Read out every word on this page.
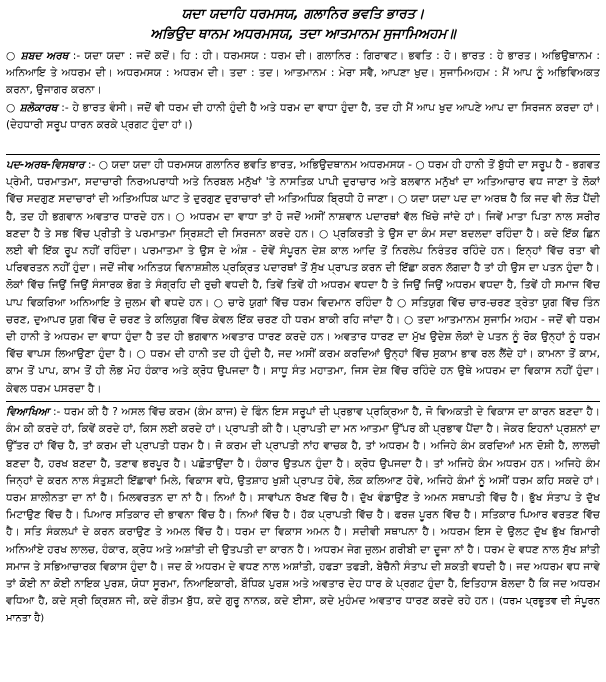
ਯਦਾ ਯਦਾਹਿ ਧਰਮਸਯ, ਗਲਾਨਿਰ ਭਵਤਿ ਭਾਰਤ।

ਅਭਿਉਦ ਥਾਨਮ ਅਧਰਮਸਯ, ਤਦਾ ਆਤਮਾਨਮ ਸੁਜਾਮਿਅਹਮ॥

○ ਸ਼ਬਦ ਅਰਥ :- ਯਦਾ ਯਦਾ : ਜਦੋਂ ਕਦੋਂ। ਹਿ : ਹੀ। ਧਰਮਸਯ : ਧਰਮ ਦੀ। ਗਲਾਨਿਰ : ਗਿਰਾਵਟ। ਭਵਤਿ : ਹੋ। ਭਾਰਤ : ਹੇ ਭਾਰਤ। ਅਭਿਉਥਾਨਮ : ਅਨਿਆਇ ਤੇ ਅਧਰਮ ਦੀ। ਅਧਰਮਸਯ : ਅਧਰਮ ਦੀ। ਤਦਾ : ਤਦ। ਆਤਮਾਨਮ : ਮੇਰਾ ਸਵੈ, ਆਪਣਾ ਖੁਦ। ਸੁਜਾਮਿਅਹਮ : ਮੈਂ ਆਪ ਨੂੰ ਅਭਿਵਿਅਕਤ ਕਰਨਾ, ਉਜਾਗਰ ਕਰਨਾ।
○ ਸ਼ਲੋਕਾਰਥ :- ਹੇ ਭਾਰਤ ਵੰਸੀ। ਜਦੋਂ ਵੀ ਧਰਮ ਦੀ ਹਾਨੀ ਹੁੰਦੀ ਹੈ ਅਤੇ ਧਰਮ ਦਾ ਵਾਧਾ ਹੁੰਦਾ ਹੈ, ਤਦ ਹੀ ਮੈਂ ਆਪ ਖੁਦ ਆਪਣੇ ਆਪ ਦਾ ਸਿਰਜਨ ਕਰਦਾ ਹਾਂ। (ਦੇਹਧਾਰੀ ਸਰੂਪ ਧਾਰਨ ਕਰਕੇ ਪ੍ਰਗਟ ਹੁੰਦਾ ਹਾਂ।)
ਪਦ-ਅਰਥ-ਵਿਸਥਾਰ :- ○ ਯਦਾ ਯਦਾ ਹੀ ਧਰਮਸਯ ਗਲਾਨਿਰ ਭਵਤਿ ਭਾਰਤ, ਅਭਿਉਦਥਾਨਮ ਅਧਰਮਸਯ - ○ ਧਰਮ ਹੀ ਹਾਨੀ ਤੋਂ ਬੁੱਧੀ ਦਾ ਸਰੂਪ ਹੈ - ਭਗਵਤ ਪ੍ਰੇਮੀ, ਧਰਮਾਤਮਾ, ਸਦਾਚਾਰੀ ਨਿਰਅਪਰਾਧੀ ਅਤੇ ਨਿਰਬਲ ਮਨੁੱਖਾਂ 'ਤੇ ਨਾਸਤਿਕ ਪਾਪੀ ਦੁਰਾਚਾਰ ਅਤੇ ਬਲਵਾਨ ਮਨੁੱਖਾਂ ਦਾ ਅਤਿਆਚਾਰ ਵਧ ਜਾਣਾ ਤੇ ਲੋਕਾਂ ਵਿੱਚ ਸਦਗੁਣ ਸਦਾਚਾਰਾਂ ਦੀ ਅਤਿਅਧਿਕ ਘਾਟ ਤੇ ਦੁਰਗੁਣ ਦੁਰਾਚਾਰਾਂ ਦੀ ਅਤਿਅਧਿਕ ਬ੍ਰਿਧੀ ਹੋ ਜਾਣਾ। ○ ਯਦਾ ਯਦਾ ਪਦ ਦਾ ਅਰਥ ਹੈ ਕਿ ਜਦ ਵੀ ਲੋੜ ਪੈਂਦੀ ਹੈ, ਤਦ ਹੀ ਭਗਵਾਨ ਅਵਤਾਰ ਧਾਰਦੇ ਹਨ। ○ ਅਧਰਮ ਦਾ ਵਾਧਾ ਤਾਂ ਹੋ ਜਦੋਂ ਅਸੀਂ ਨਾਸ਼ਵਾਨ ਪਦਾਰਥਾਂ ਵੱਲ ਖਿੱਚੇ ਜਾਂਦੇ ਹਾਂ। ਜਿਵੇਂ ਮਾਤਾ ਪਿਤਾ ਨਾਲ ਸਰੀਰ ਬਣਦਾ ਹੈ ਤੇ ਸਭ ਵਿੱਚ ਪ੍ਰੀਤੀ ਤੇ ਪਰਮਾਤਮਾ ਸ੍ਰਿਸ਼ਟੀ ਦੀ ਸਿਰਜਨਾ ਕਰਦੇ ਹਨ। ○ ਪ੍ਰਕਿਰਤੀ ਤੇ ਉਸ ਦਾ ਕੰਮ ਸਦਾ ਬਦਲਦਾ ਰਹਿੰਦਾ ਹੈ। ਕਦੇ ਇੱਕ ਛਿਨ ਲਈ ਵੀ ਇੱਕ ਰੂਪ ਨਹੀਂ ਰਹਿੰਦਾ। ਪਰਮਾਤਮਾ ਤੇ ਉਸ ਦੇ ਅੰਸ਼ - ਦੋਵੇਂ ਸੰਪੂਰਨ ਦੇਸ਼ ਕਾਲ ਆਦਿ ਤੋਂ ਨਿਰਲੇਪ ਨਿਰੰਤਰ ਰਹਿੰਦੇ ਹਨ। ਇਨ੍ਹਾਂ ਵਿੱਚ ਰਤਾ ਵੀ ਪਰਿਵਰਤਨ ਨਹੀਂ ਹੁੰਦਾ। ਜਦੋਂ ਜੀਵ ਅਨਿਤਯ ਵਿਨਾਸ਼ਸ਼ੀਲ ਪ੍ਰਕ੍ਰਿਤ ਪਦਾਰਥਾਂ ਤੋਂ ਸੁੱਖ ਪ੍ਰਾਪਤ ਕਰਨ ਦੀ ਇੱਛਾ ਕਰਨ ਲੱਗਦਾ ਹੈ ਤਾਂ ਹੀ ਉਸ ਦਾ ਪਤਨ ਹੁੰਦਾ ਹੈ। ਲੋਕਾਂ ਵਿੱਚ ਜਿਉਂ ਜਿਉਂ ਸੰਸਾਰਕ ਭੋਗ ਤੇ ਸੰਗ੍ਰਹਿ ਦੀ ਰੁਚੀ ਵਧਦੀ ਹੈ, ਤਿਵੇਂ ਤਿਵੇਂ ਹੀ ਅਧਰਮ ਵਧਦਾ ਹੈ ਤੇ ਜਿਉਂ ਜਿਉਂ ਅਧਰਮ ਵਧਦਾ ਹੈ, ਤਿਵੇਂ ਹੀ ਸਮਾਜ ਵਿੱਚ ਪਾਪ ਵਿਕਰਿਆ ਅਨਿਆਇ ਤੇ ਜ਼ੁਲਮ ਵੀ ਵਧਦੇ ਹਨ। ○ ਚਾਰੇ ਯੁਗਾਂ ਵਿੱਚ ਧਰਮ ਵਿਦਮਾਨ ਰਹਿੰਦਾ ਹੈ ○ ਸਤਿਯੁਗ ਵਿੱਚ ਚਾਰ-ਚਰਣ ਤ੍ਰੇਤਾ ਯੁਗ ਵਿੱਚ ਤਿੰਨ ਚਰਣ, ਦੁਆਪਰ ਯੁਗ ਵਿੱਚ ਦੋ ਚਰਣ ਤੇ ਕਲਿਯੁਗ ਵਿੱਚ ਕੇਵਲ ਇੱਕ ਚਰਣ ਹੀ ਧਰਮ ਬਾਕੀ ਰਹਿ ਜਾਂਦਾ ਹੈ। ○ ਤਦਾ ਆਤਮਾਨਮ ਸੁਜਾਮਿ ਅਹਮ - ਜਦੋਂ ਵੀ ਧਰਮ ਦੀ ਹਾਨੀ ਤੇ ਅਧਰਮ ਦਾ ਵਾਧਾ ਹੁੰਦਾ ਹੈ ਤਦ ਹੀ ਭਗਵਾਨ ਅਵਤਾਰ ਧਾਰਣ ਕਰਦੇ ਹਨ। ਅਵਤਾਰ ਧਾਰਣ ਦਾ ਮੁੱਖ ਉਦੇਸ਼ ਲੋਕਾਂ ਦੇ ਪਤਨ ਨੂੰ ਰੋਕ ਉਨ੍ਹਾਂ ਨੂੰ ਧਰਮ ਵਿੱਚ ਵਾਪਸ ਲਿਆਉਣਾ ਹੁੰਦਾ ਹੈ। ○ ਧਰਮ ਦੀ ਹਾਨੀ ਤਦ ਹੀ ਹੁੰਦੀ ਹੈ, ਜਦ ਅਸੀਂ ਕਰਮ ਕਰਦਿਆਂ ਉਨ੍ਹਾਂ ਵਿੱਚ ਸੁਕਾਮ ਭਾਵ ਰਲ ਲੈਂਦੇ ਹਾਂ। ਕਾਮਨਾ ਤੋਂ ਕਾਮ, ਕਾਮ ਤੋਂ ਪਾਪ, ਕਾਮ ਤੋਂ ਹੀ ਲੋਭ ਮੋਹ ਹੰਕਾਰ ਅਤੇ ਕ੍ਰੋਧ ਉਪਜਦਾ ਹੈ। ਸਾਧੂ ਸੰਤ ਮਹਾਤਮਾ, ਜਿਸ ਦੇਸ਼ ਵਿੱਚ ਰਹਿੰਦੇ ਹਨ ਉਥੇ ਅਧਰਮ ਦਾ ਵਿਕਾਸ ਨਹੀਂ ਹੁੰਦਾ। ਕੇਵਲ ਧਰਮ ਪਸਰਦਾ ਹੈ।
ਵਿਆਖਿਆ :- ਧਰਮ ਕੀ ਹੈ ? ਅਸਲ ਵਿੱਚ ਕਰਮ (ਕੰਮ ਕਾਜ) ਦੇ ਫਿੰਨ ਇਸ ਸਰੂਪਾਂ ਦੀ ਪ੍ਰਭਾਵ ਪ੍ਰਕ੍ਰਿਆ ਹੈ, ਜੋ ਵਿਅਕਤੀ ਦੇ ਵਿਕਾਸ ਦਾ ਕਾਰਨ ਬਣਦਾ ਹੈ। ਕੰਮ ਕੀ ਕਰਦੇ ਹਾਂ, ਕਿਵੇਂ ਕਰਦੇ ਹਾਂ, ਕਿਸ ਲਈ ਕਰਦੇ ਹਾਂ। ਪ੍ਰਾਪਤੀ ਕੀ ਹੈ। ਪ੍ਰਾਪਤੀ ਦਾ ਮਨ ਆਤਮਾ ਉੱਪਰ ਕੀ ਪ੍ਰਭਾਵ ਪੈਂਦਾ ਹੈ। ਜੇਕਰ ਇਹਨਾਂ ਪ੍ਰਸ਼ਨਾਂ ਦਾ ਉੱਤਰ ਹਾਂ ਵਿੱਚ ਹੈ, ਤਾਂ ਕਰਮ ਦੀ ਪ੍ਰਾਪਤੀ ਧਰਮ ਹੈ। ਜੋ ਕਰਮ ਦੀ ਪ੍ਰਾਪਤੀ ਨਾਂਹ ਵਾਚਕ ਹੈ, ਤਾਂ ਅਧਰਮ ਹੈ। ਅਜਿਹੇ ਕੰਮ ਕਰਦਿਆਂ ਮਨ ਦੋਸ਼ੀ ਹੈ, ਲਾਲਚੀ ਬਣਦਾ ਹੈ, ਹਰਖ ਬਣਦਾ ਹੈ, ਤਣਾਵ ਭਰਪੂਰ ਹੈ। ਪਛੋਤਾਉਂਦਾ ਹੈ। ਹੰਕਾਰ ਉਤਪਨ ਹੁੰਦਾ ਹੈ। ਕ੍ਰੋਧ ਉਪਜਦਾ ਹੈ। ਤਾਂ ਅਜਿਹੇ ਕੰਮ ਅਧਰਮ ਹਨ। ਅਜਿਹੇ ਕੰਮ ਜਿਨ੍ਹਾਂ ਦੇ ਕਰਨ ਨਾਲ ਸੰਤੁਸ਼ਟੀ ਇੱਛਾਵਾਂ ਮਿਲੇ, ਵਿਕਾਸ ਵਧੇ, ਉਤਸ਼ਾਹ ਖੁਸ਼ੀ ਪ੍ਰਾਪਤ ਹੋਵੇ, ਲੋਕ ਕਲਿਆਣ ਹੋਵੇ, ਅਜਿਹੇ ਕੰਮਾਂ ਨੂੰ ਅਸੀਂ ਧਰਮ ਕਹਿ ਸਕਦੇ ਹਾਂ। ਧਰਮ ਸ਼ਾਲੀਨਤਾ ਦਾ ਨਾਂ ਹੈ। ਮਿਲਵਰਤਨ ਦਾ ਨਾਂ ਹੈ। ਨਿਆਂ ਹੈ। ਸਾਵਾਂਪਨ ਰੱਖਣ ਵਿੱਚ ਹੈ। ਦੁੱਖ ਵੰਡਾਉਣ ਤੇ ਅਮਨ ਸਥਾਪਤੀ ਵਿੱਚ ਹੈ। ਭੁੱਖ ਸੰਤਾਪ ਤੇ ਦੁੱਖ ਮਿਟਾਉਣ ਵਿੱਚ ਹੈ। ਪਿਆਰ ਸਤਿਕਾਰ ਦੀ ਭਾਵਨਾ ਵਿੱਚ ਹੈ। ਨਿਆਂ ਵਿੱਚ ਹੈ। ਹੱਕ ਪ੍ਰਾਪਤੀ ਵਿੱਚ ਹੈ। ਫਰਜ਼ ਪੂਰਨ ਵਿੱਚ ਹੈ। ਸਤਿਕਾਰ ਪਿਆਰ ਵਰਤਣ ਵਿੱਚ ਹੈ। ਸਤਿ ਸੰਕਲਪਾਂ ਦੇ ਕਰਨ ਕਰਾਉਣ ਤੇ ਅਮਲ ਵਿੱਚ ਹੈ। ਧਰਮ ਦਾ ਵਿਕਾਸ ਅਮਨ ਹੈ। ਸਦੀਵੀ ਸਥਾਪਨਾ ਹੈ। ਅਧਰਮ ਇਸ ਦੇ ਉਲਟ ਦੁੱਖ ਭੁੱਖ ਬਿਮਾਰੀ ਅਨਿਆਂਏ ਹਰਖ ਲਾਲਚ, ਹੰਕਾਰ, ਕ੍ਰੋਧ ਅਤੇ ਅਸ਼ਾਂਤੀ ਦੀ ਉਤਪਤੀ ਦਾ ਕਾਰਨ ਹੈ। ਅਧਰਮ ਜੇਗ ਜ਼ੁਲਮ ਗਰੀਬੀ ਦਾ ਦੂਜਾ ਨਾਂ ਹੈ। ਧਰਮ ਦੇ ਵਧਣ ਨਾਲ ਸੁੱਖ ਸ਼ਾਂਤੀ ਸਮਾਜ ਤੇ ਸਭਿਆਚਾਰਕ ਵਿਕਾਸ ਹੁੰਦਾ ਹੈ। ਜਦ ਕੋ ਅਧਰਮ ਦੇ ਵਧਣ ਨਾਲ ਅਸ਼ਾਂਤੀ, ਹਫੜਾ ਤਫੜੀ, ਬੇਚੈਨੀ ਸੰਤਾਪ ਦੀ ਸ਼ਕਤੀ ਵਧਦੀ ਹੈ। ਜਦ ਅਧਰਮ ਵਧ ਜਾਵੇ ਤਾਂ ਕੋਈ ਨਾ ਕੋਈ ਨਾਇਕ ਪੁਰਸ਼, ਯੋਧਾ ਸੂਰਮਾ, ਨਿਆਇਕਾਰੀ, ਬੌਧਿਕ ਪੁਰਸ਼ ਅਤੇ ਅਵਤਾਰ ਦੇਹ ਧਾਰ ਕੇ ਪ੍ਰਗਟ ਹੁੰਦਾ ਹੈ, ਇਤਿਹਾਸ ਬੋਲਦਾ ਹੈ ਕਿ ਜਦ ਅਧਰਮ ਵਧਿਆ ਹੈ, ਕਦੇ ਸ੍ਰੀ ਕ੍ਰਿਸ਼ਨ ਜੀ, ਕਦੇ ਗੌਤਮ ਬੁੱਧ, ਕਦੇ ਗੁਰੂ ਨਾਨਕ, ਕਦੇ ਈਸਾ, ਕਦੇ ਮੁਹੰਮਦ ਅਵਤਾਰ ਧਾਰਣ ਕਰਦੇ ਰਹੇ ਹਨ। (ਧਰਮ ਪ੍ਰਭੂਤਵ ਦੀ ਸੰਪੂਰਨ ਮਾਨਤਾ ਹੈ)
